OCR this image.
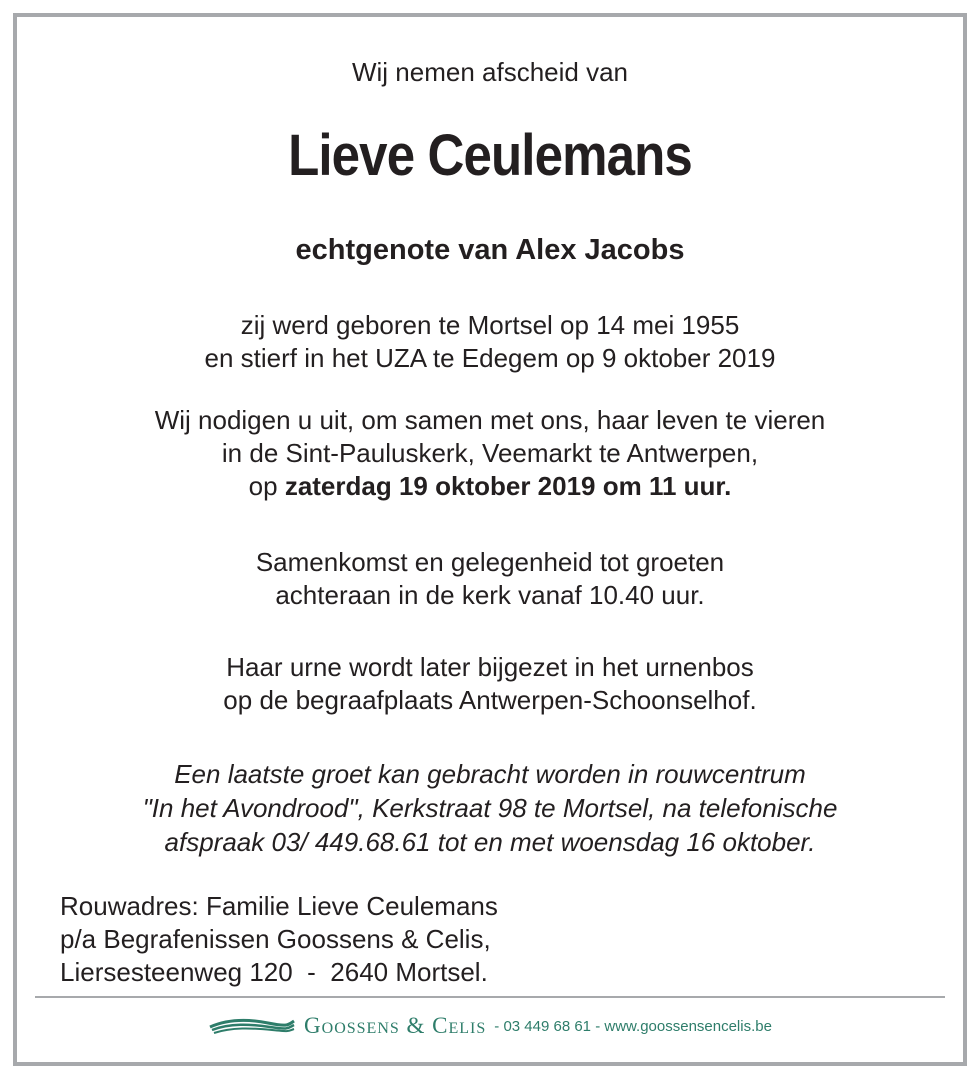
Wij nemen afscheid van
Lieve Ceulemans
echtgenote van Alex Jacobs
zij werd geboren te Mortsel op 14 mei 1955
en stierf in het UZA te Edegem op 9 oktober 2019
Wij nodigen u uit, om samen met ons, haar leven te vieren
in de Sint-Pauluskerk, Veemarkt te Antwerpen,
op zaterdag 19 oktober 2019 om 11 uur.
Samenkomst en gelegenheid tot groeten
achteraan in de kerk vanaf 10.40 uur.
Haar urne wordt later bijgezet in het urnenbos
op de begraafplaats Antwerpen-Schoonselhof.
Een laatste groet kan gebracht worden in rouwcentrum
"In het Avondrood", Kerkstraat 98 te Mortsel, na telefonische
afspraak 03/ 449.68.61 tot en met woensdag 16 oktober.
Rouwadres: Familie Lieve Ceulemans
p/a Begrafenissen Goossens & Celis,
Liersesteenweg 120  -  2640 Mortsel.
Goossens & Celis - 03 449 68 61 - www.goossensencelis.be
